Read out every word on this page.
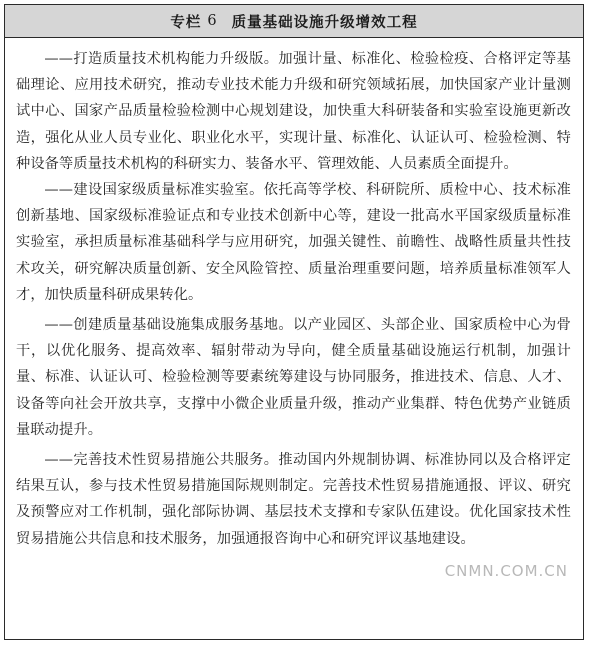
专栏 6 质量基础设施升级增效工程

——打造质量技术机构能力升级版。加强计量、标准化、检验检疫、合格评定等基础理论、应用技术研究，推动专业技术能力升级和研究领域拓展，加快国家产业计量测试中心、国家产品质量检验检测中心规划建设，加快重大科研装备和实验室设施更新改造，强化从业人员专业化、职业化水平，实现计量、标准化、认证认可、检验检测、特种设备等质量技术机构的科研实力、装备水平、管理效能、人员素质全面提升。

——建设国家级质量标准实验室。依托高等学校、科研院所、质检中心、技术标准创新基地、国家级标准验证点和专业技术创新中心等，建设一批高水平国家级质量标准实验室，承担质量标准基础科学与应用研究，加强关键性、前瞻性、战略性质量共性技术攻关，研究解决质量创新、安全风险管控、质量治理重要问题，培养质量标准领军人才，加快质量科研成果转化。

——创建质量基础设施集成服务基地。以产业园区、头部企业、国家质检中心为骨干，以优化服务、提高效率、辐射带动为导向，健全质量基础设施运行机制，加强计量、标准、认证认可、检验检测等要素统筹建设与协同服务，推进技术、信息、人才、设备等向社会开放共享，支撑中小微企业质量升级，推动产业集群、特色优势产业链质量联动提升。

——完善技术性贸易措施公共服务。推动国内外规制协调、标准协同以及合格评定结果互认，参与技术性贸易措施国际规则制定。完善技术性贸易措施通报、评议、研究及预警应对工作机制，强化部际协调、基层技术支撑和专家队伍建设。优化国家技术性贸易措施公共信息和技术服务，加强通报咨询中心和研究评议基地建设。

CNMN.COM.CN
